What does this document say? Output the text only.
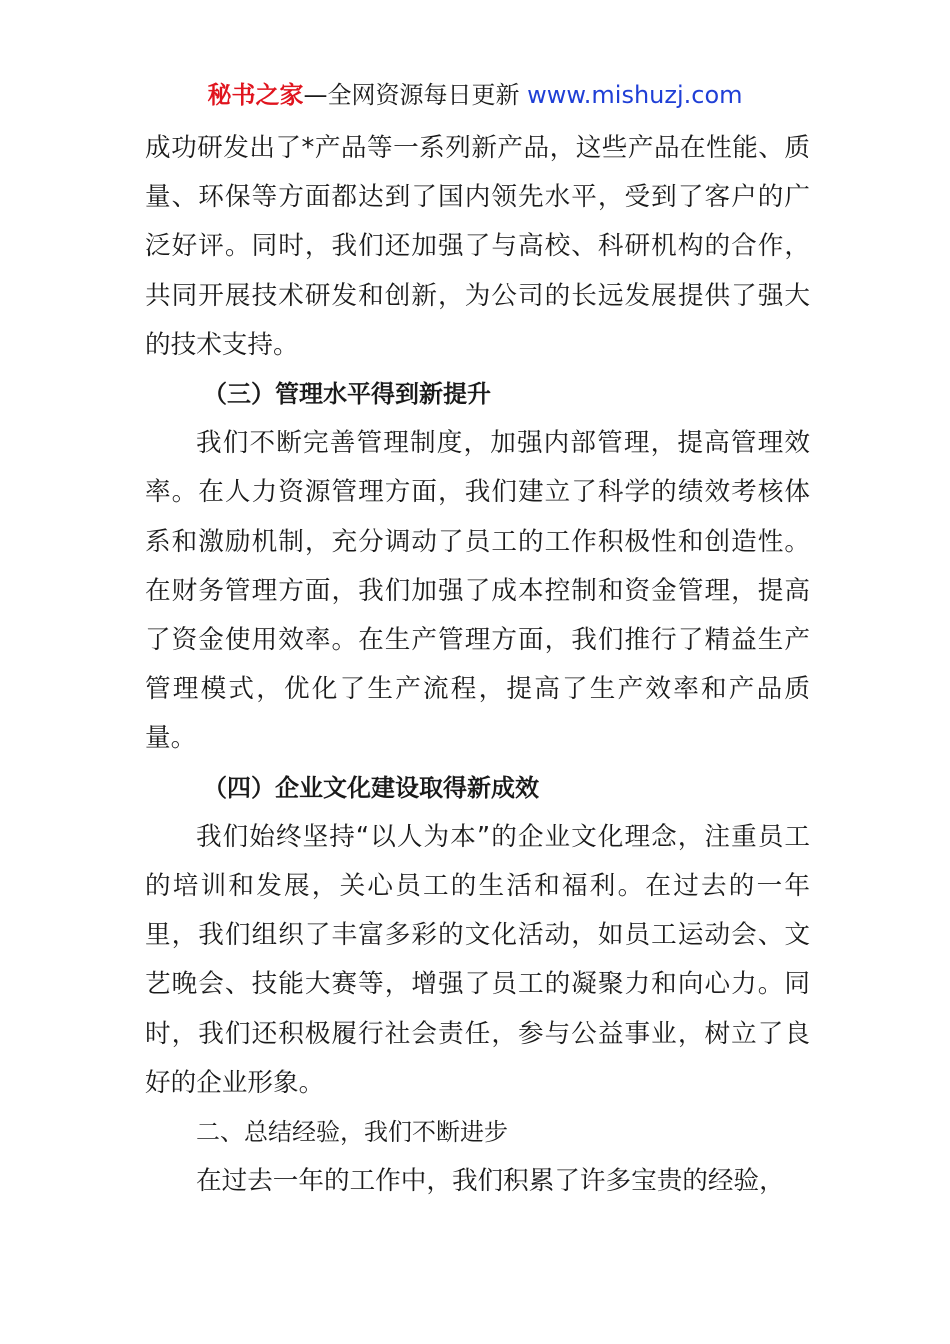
秘书之家—全网资源每日更新 www.mishuzj.com

成功研发出了*产品等一系列新产品，这些产品在性能、质量、环保等方面都达到了国内领先水平，受到了客户的广泛好评。同时，我们还加强了与高校、科研机构的合作，共同开展技术研发和创新，为公司的长远发展提供了强大的技术支持。

（三）管理水平得到新提升

我们不断完善管理制度，加强内部管理，提高管理效率。在人力资源管理方面，我们建立了科学的绩效考核体系和激励机制，充分调动了员工的工作积极性和创造性。在财务管理方面，我们加强了成本控制和资金管理，提高了资金使用效率。在生产管理方面，我们推行了精益生产管理模式，优化了生产流程，提高了生产效率和产品质量。

（四）企业文化建设取得新成效

我们始终坚持“以人为本”的企业文化理念，注重员工的培训和发展，关心员工的生活和福利。在过去的一年里，我们组织了丰富多彩的文化活动，如员工运动会、文艺晚会、技能大赛等，增强了员工的凝聚力和向心力。同时，我们还积极履行社会责任，参与公益事业，树立了良好的企业形象。

二、总结经验，我们不断进步

在过去一年的工作中，我们积累了许多宝贵的经验，
